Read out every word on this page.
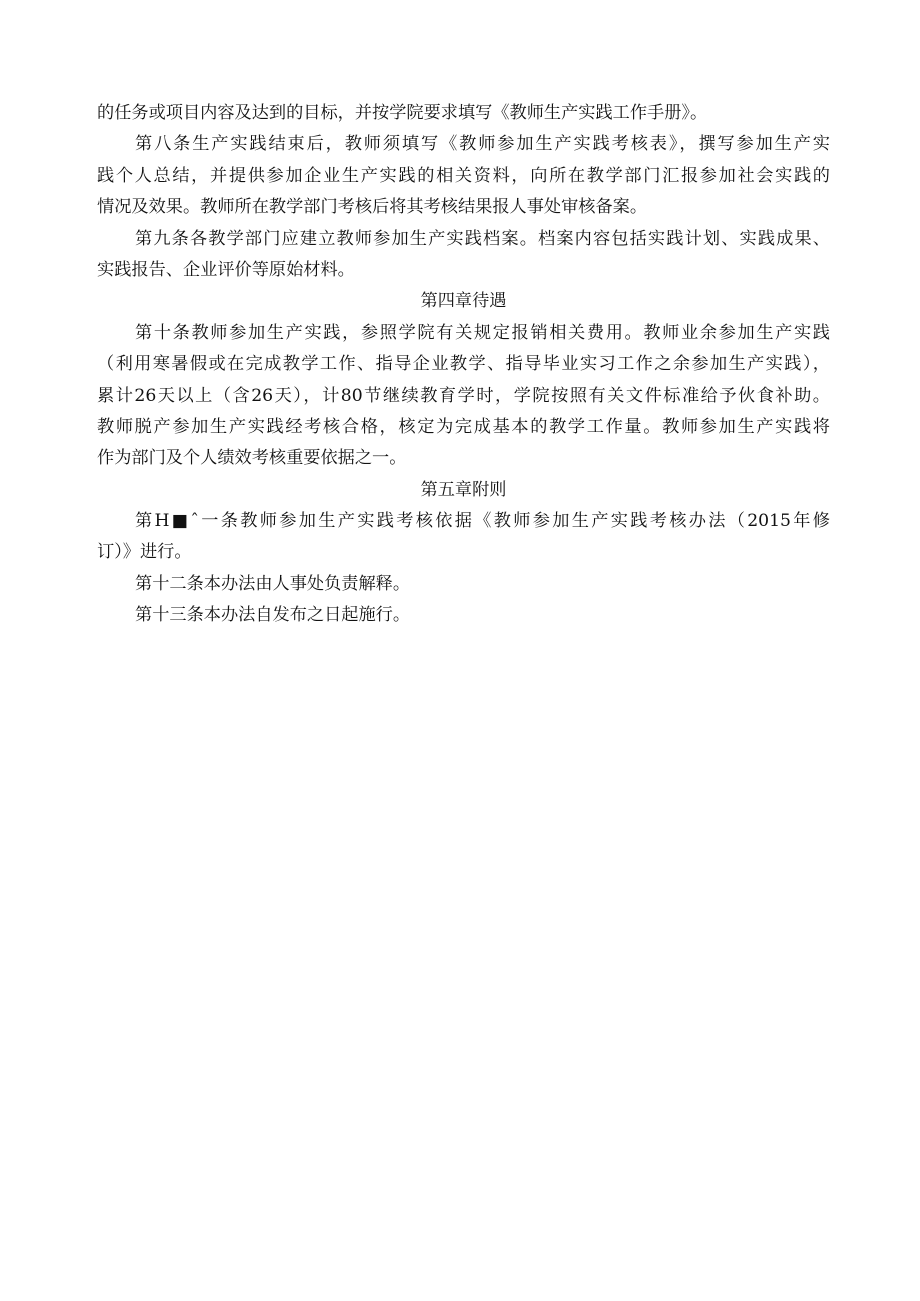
的任务或项目内容及达到的目标，并按学院要求填写《教师生产实践工作手册》。
第八条生产实践结束后，教师须填写《教师参加生产实践考核表》，撰写参加生产实
践个人总结，并提供参加企业生产实践的相关资料，向所在教学部门汇报参加社会实践的
情况及效果。教师所在教学部门考核后将其考核结果报人事处审核备案。
第九条各教学部门应建立教师参加生产实践档案。档案内容包括实践计划、实践成果、
实践报告、企业评价等原始材料。
第四章待遇
第十条教师参加生产实践，参照学院有关规定报销相关费用。教师业余参加生产实践
（利用寒暑假或在完成教学工作、指导企业教学、指导毕业实习工作之余参加生产实践），
累计26天以上（含26天），计80节继续教育学时，学院按照有关文件标准给予伙食补助。
教师脱产参加生产实践经考核合格，核定为完成基本的教学工作量。教师参加生产实践将
作为部门及个人绩效考核重要依据之一。
第五章附则
第H■ˆ一条教师参加生产实践考核依据《教师参加生产实践考核办法（2015年修
订）》进行。
第十二条本办法由人事处负责解释。
第十三条本办法自发布之日起施行。
